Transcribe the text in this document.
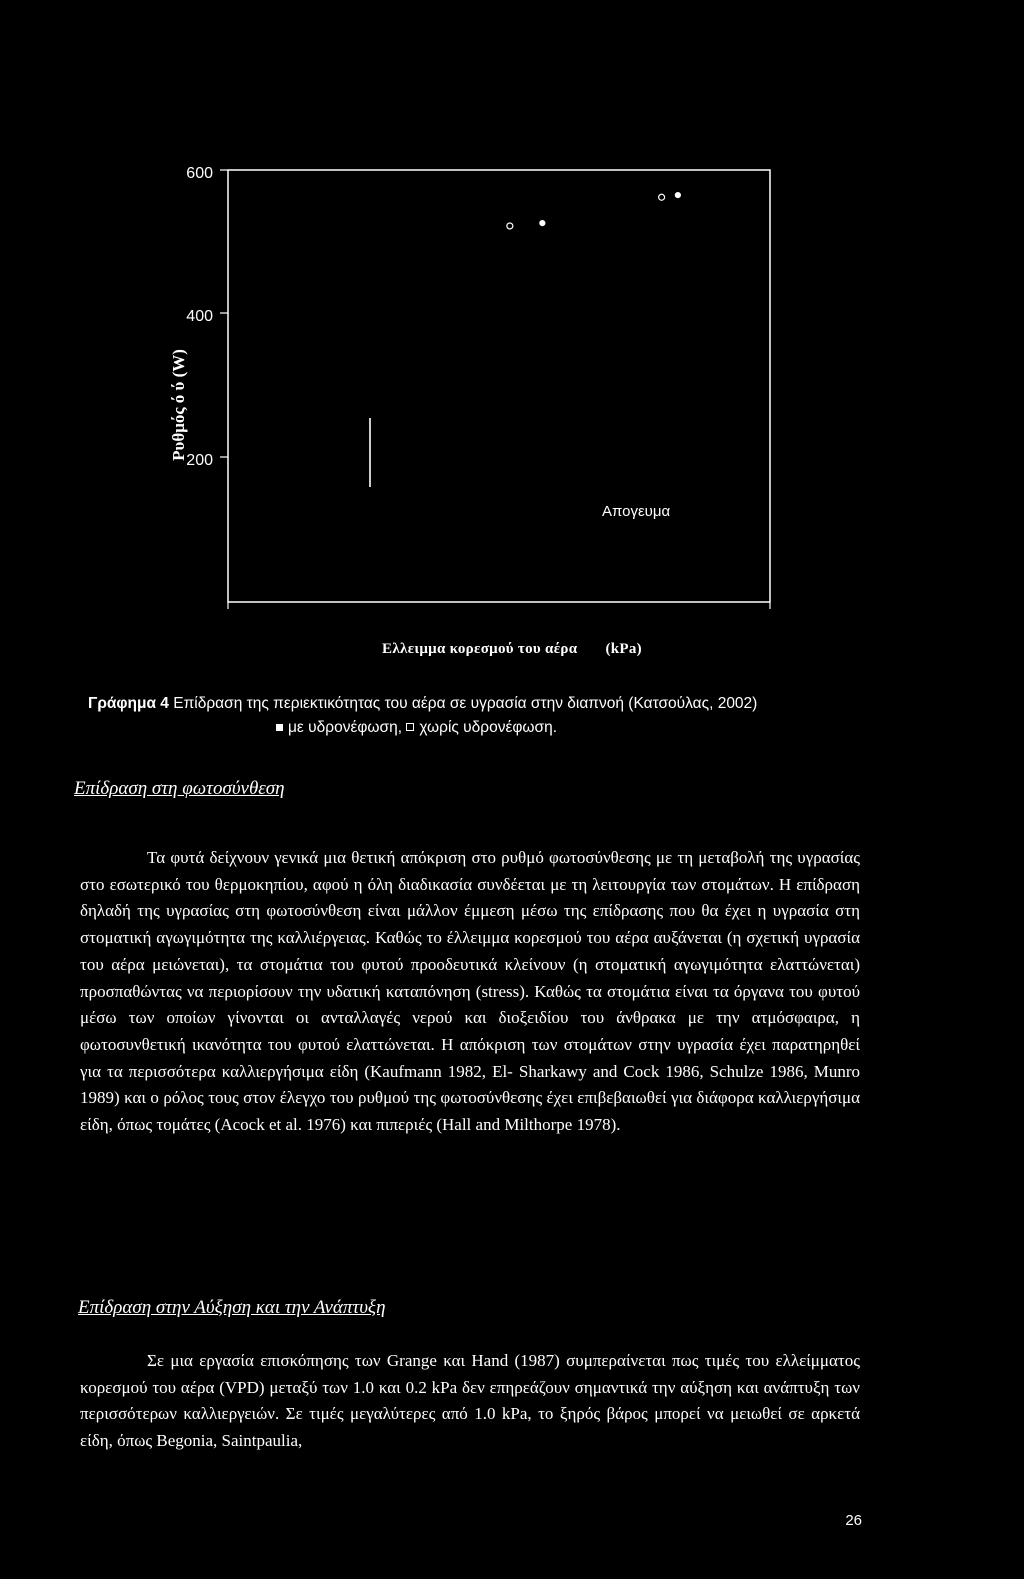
600
400
200
Ρυθμός ό ύ (W)
Απογευμα
Ελλειμμα κορεσμού του αέρα (kPa)
Γράφημα 4 Επίδραση της περιεκτικότητας του αέρα σε υγρασία στην διαπνοή (Κατσούλας, 2002)
με υδρονέφωση, χωρίς υδρονέφωση.
Επίδραση στη φωτοσύνθεση
Τα φυτά δείχνουν γενικά μια θετική απόκριση στο ρυθμό φωτοσύνθεσης με τη μεταβολή της υγρασίας στο εσωτερικό του θερμοκηπίου, αφού η όλη διαδικασία συνδέεται με τη λειτουργία των στομάτων. Η επίδραση δηλαδή της υγρασίας στη φωτοσύνθεση είναι μάλλον έμμεση μέσω της επίδρασης που θα έχει η υγρασία στη στοματική αγωγιμότητα της καλλιέργειας. Καθώς το έλλειμμα κορεσμού του αέρα αυξάνεται (η σχετική υγρασία του αέρα μειώνεται), τα στομάτια του φυτού προοδευτικά κλείνουν (η στοματική αγωγιμότητα ελαττώνεται) προσπαθώντας να περιορίσουν την υδατική καταπόνηση (stress). Καθώς τα στομάτια είναι τα όργανα του φυτού μέσω των οποίων γίνονται οι ανταλλαγές νερού και διοξειδίου του άνθρακα με την ατμόσφαιρα, η φωτοσυνθετική ικανότητα του φυτού ελαττώνεται. Η απόκριση των στομάτων στην υγρασία έχει παρατηρηθεί για τα περισσότερα καλλιεργήσιμα είδη (Kaufmann 1982, El- Sharkawy and Cock 1986, Schulze 1986, Munro 1989) και ο ρόλος τους στον έλεγχο του ρυθμού της φωτοσύνθεσης έχει επιβεβαιωθεί για διάφορα καλλιεργήσιμα είδη, όπως τομάτες (Acock et al. 1976) και πιπεριές (Hall and Milthorpe 1978).
Επίδραση στην Αύξηση και την Ανάπτυξη
Σε μια εργασία επισκόπησης των Grange και Hand (1987) συμπεραίνεται πως τιμές του ελλείμματος κορεσμού του αέρα (VPD) μεταξύ των 1.0 και 0.2 kPa δεν επηρεάζουν σημαντικά την αύξηση και ανάπτυξη των περισσότερων καλλιεργειών. Σε τιμές μεγαλύτερες από 1.0 kPa, το ξηρός βάρος μπορεί να μειωθεί σε αρκετά είδη, όπως Begonia, Saintpaulia,
26
